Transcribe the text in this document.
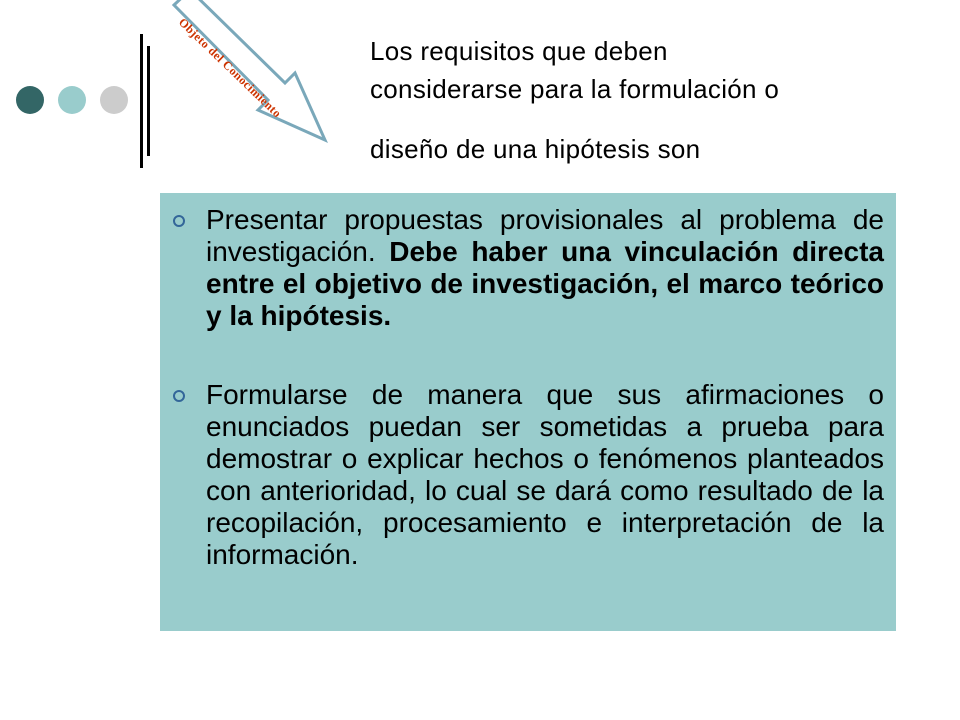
Objeto del Conocimiento	Los requisitos que deben
considerarse para la formulación o
diseño de una hipótesis son
Presentar propuestas provisionales al problema de investigación. Debe haber una vinculación directa entre el objetivo de investigación, el marco teórico y la hipótesis.
Formularse de manera que sus afirmaciones o enunciados puedan ser sometidas a prueba para demostrar o explicar hechos o fenómenos planteados con anterioridad, lo cual se dará como resultado de la recopilación, procesamiento e interpretación de la información.
